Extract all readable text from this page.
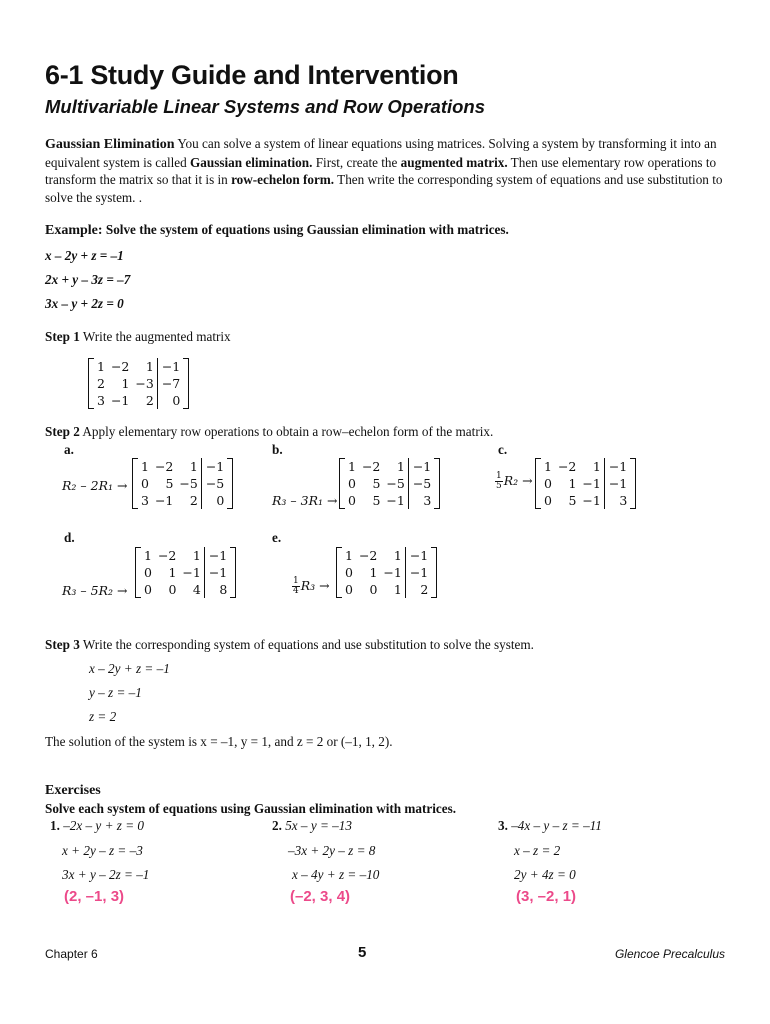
6-1 Study Guide and Intervention
Multivariable Linear Systems and Row Operations

Gaussian Elimination You can solve a system of linear equations using matrices. Solving a system by transforming it into an equivalent system is called Gaussian elimination. First, create the augmented matrix. Then use elementary row operations to transform the matrix so that it is in row-echelon form. Then write the corresponding system of equations and use substitution to solve the system. .

Example: Solve the system of equations using Gaussian elimination with matrices.
x – 2y + z = –1
2x + y – 3z = –7
3x – y + 2z = 0
Step 1 Write the augmented matrix
1	−2	1	−1
2	1	−3	−7
3	−1	2	0
Step 2 Apply elementary row operations to obtain a row–echelon form of the matrix.
a.
R₂ – 2R₁ →
1	−2	1	−1
0	5	−5	−5
3	−1	2	0
b.
R₃ – 3R₁ →
1	−2	1	−1
0	5	−5	−5
0	5	−1	3
c.
$\frac{1}{5} R_2$ →
1	−2	1	−1
0	1	−1	−1
0	5	−1	3
d.
R₃ – 5R₂ →
1	−2	1	−1
0	1	−1	−1
0	0	4	8
e.
$\frac{1}{4} R_3$ →
1	−2	1	−1
0	1	−1	−1
0	0	1	2
Step 3 Write the corresponding system of equations and use substitution to solve the system.
x – 2y + z = –1
y – z = –1
z = 2
The solution of the system is x = –1, y = 1, and z = 2 or (–1, 1, 2).
Exercises
Solve each system of equations using Gaussian elimination with matrices.
1. –2x – y + z = 0
x + 2y – z = –3
3x + y – 2z = –1
(2, –1, 3)
2. 5x – y = –13
–3x + 2y – z = 8
x – 4y + z = –10
(–2, 3, 4)
3. –4x – y – z = –11
x – z = 2
2y + 4z = 0
(3, –2, 1)
Chapter 6	5	Glencoe Precalculus
